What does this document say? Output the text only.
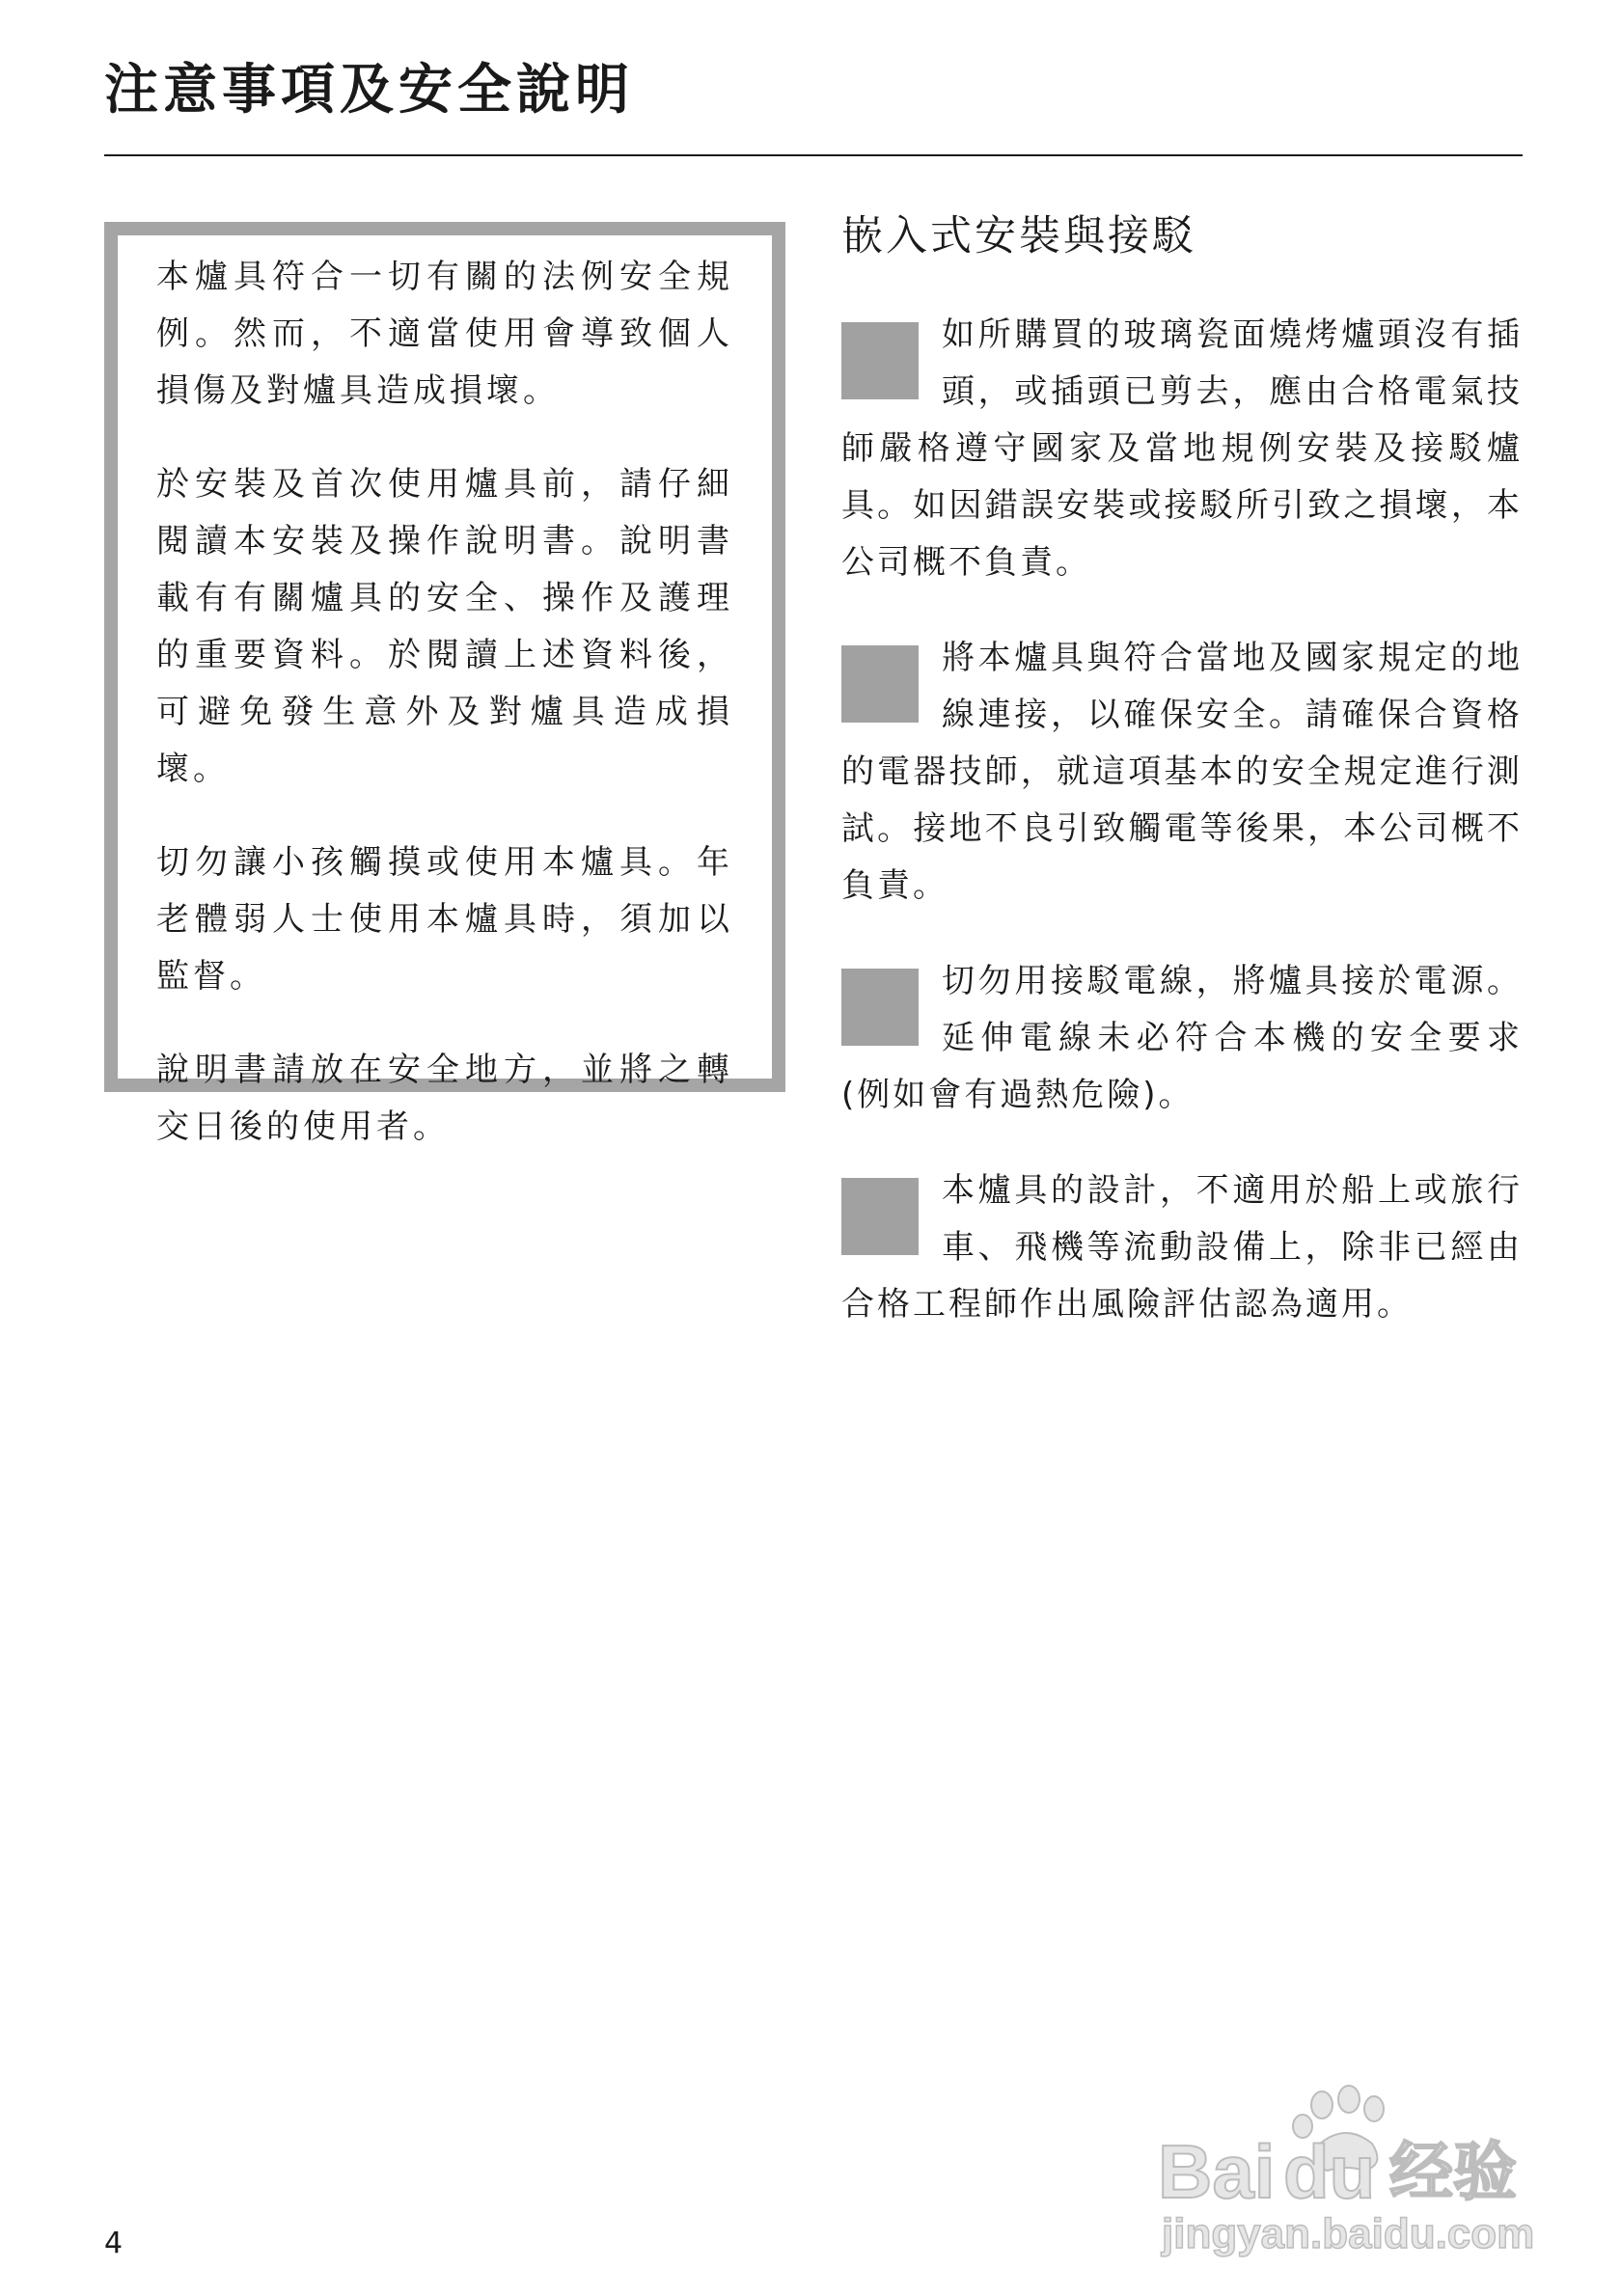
注意事項及安全說明

本爐具符合一切有關的法例安全規例。然而，不適當使用會導致個人損傷及對爐具造成損壞。

於安裝及首次使用爐具前，請仔細閱讀本安裝及操作說明書。說明書載有有關爐具的安全、操作及護理的重要資料。於閱讀上述資料後，可避免發生意外及對爐具造成損壞。

切勿讓小孩觸摸或使用本爐具。年老體弱人士使用本爐具時，須加以監督。

說明書請放在安全地方，並將之轉交日後的使用者。

嵌入式安裝與接駁
如所購買的玻璃瓷面燒烤爐頭沒有插頭，或插頭已剪去，應由合格電氣技師嚴格遵守國家及當地規例安裝及接駁爐具。如因錯誤安裝或接駁所引致之損壞，本公司概不負責。
將本爐具與符合當地及國家規定的地線連接，以確保安全。請確保合資格的電器技師，就這項基本的安全規定進行測試。接地不良引致觸電等後果，本公司概不負責。
切勿用接駁電線，將爐具接於電源。延伸電線未必符合本機的安全要求(例如會有過熱危險)。
本爐具的設計，不適用於船上或旅行車、飛機等流動設備上，除非已經由合格工程師作出風險評估認為適用。
4
Bai du 经验
jingyan.baidu.com
